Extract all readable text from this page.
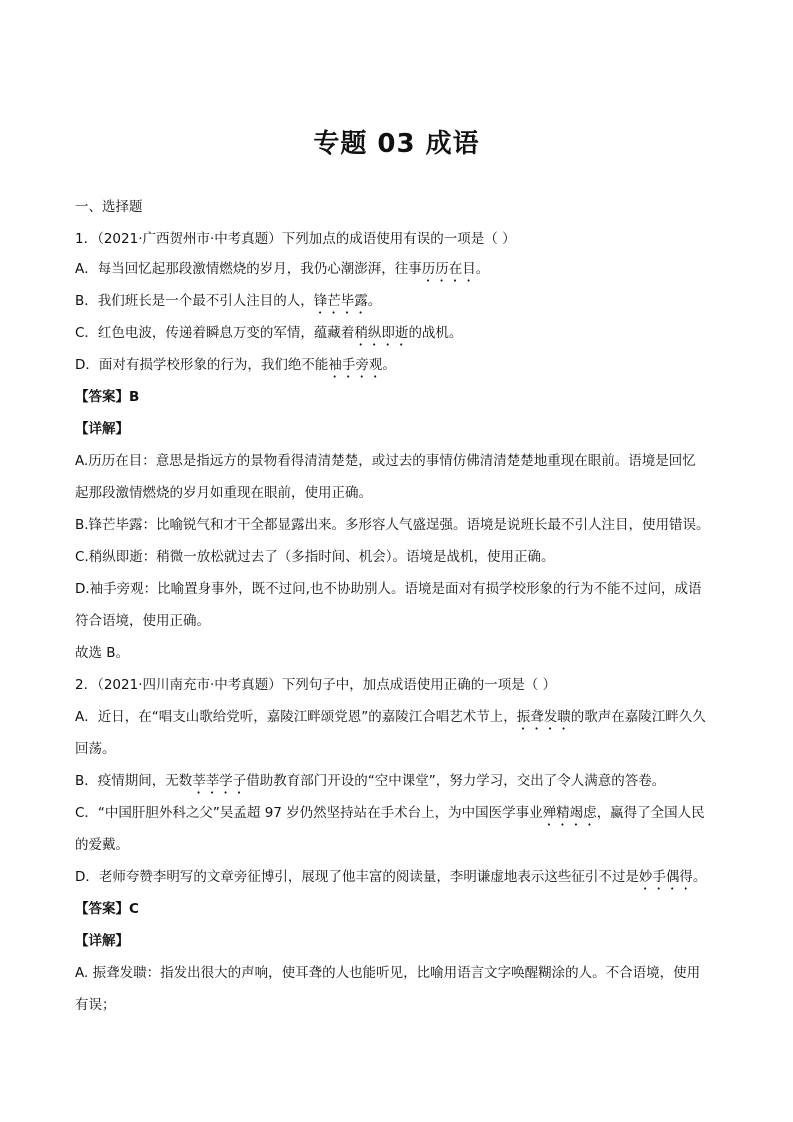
专题 03 成语
一、选择题
1．（2021·广西贺州市·中考真题）下列加点的成语使用有误的一项是（ ）
A．每当回忆起那段激情燃烧的岁月，我仍心潮澎湃，往事历历在目。
B．我们班长是一个最不引人注目的人，锋芒毕露。
C．红色电波，传递着瞬息万变的军情，蕴藏着稍纵即逝的战机。
D．面对有损学校形象的行为，我们绝不能袖手旁观。
【答案】B
【详解】
A.历历在目：意思是指远方的景物看得清清楚楚，或过去的事情仿佛清清楚楚地重现在眼前。语境是回忆
起那段激情燃烧的岁月如重现在眼前，使用正确。
B.锋芒毕露：比喻锐气和才干全都显露出来。多形容人气盛逞强。语境是说班长最不引人注目，使用错误。
C.稍纵即逝：稍微一放松就过去了（多指时间、机会）。语境是战机，使用正确。
D.袖手旁观：比喻置身事外，既不过问,也不协助别人。语境是面对有损学校形象的行为不能不过问，成语
符合语境，使用正确。
故选 B。
2．（2021·四川南充市·中考真题）下列句子中，加点成语使用正确的一项是（ ）
A．近日，在“唱支山歌给党听，嘉陵江畔颂党恩”的嘉陵江合唱艺术节上，振聋发聩的歌声在嘉陵江畔久久
回荡。
B．疫情期间，无数莘莘学子借助教育部门开设的“空中课堂”，努力学习，交出了令人满意的答卷。
C．“中国肝胆外科之父”吴孟超 97 岁仍然坚持站在手术台上，为中国医学事业殚精竭虑，赢得了全国人民
的爱戴。
D．老师夸赞李明写的文章旁征博引，展现了他丰富的阅读量，李明谦虚地表示这些征引不过是妙手偶得。
【答案】C
【详解】
A. 振聋发聩：指发出很大的声响，使耳聋的人也能听见，比喻用语言文字唤醒糊涂的人。不合语境，使用
有误；
